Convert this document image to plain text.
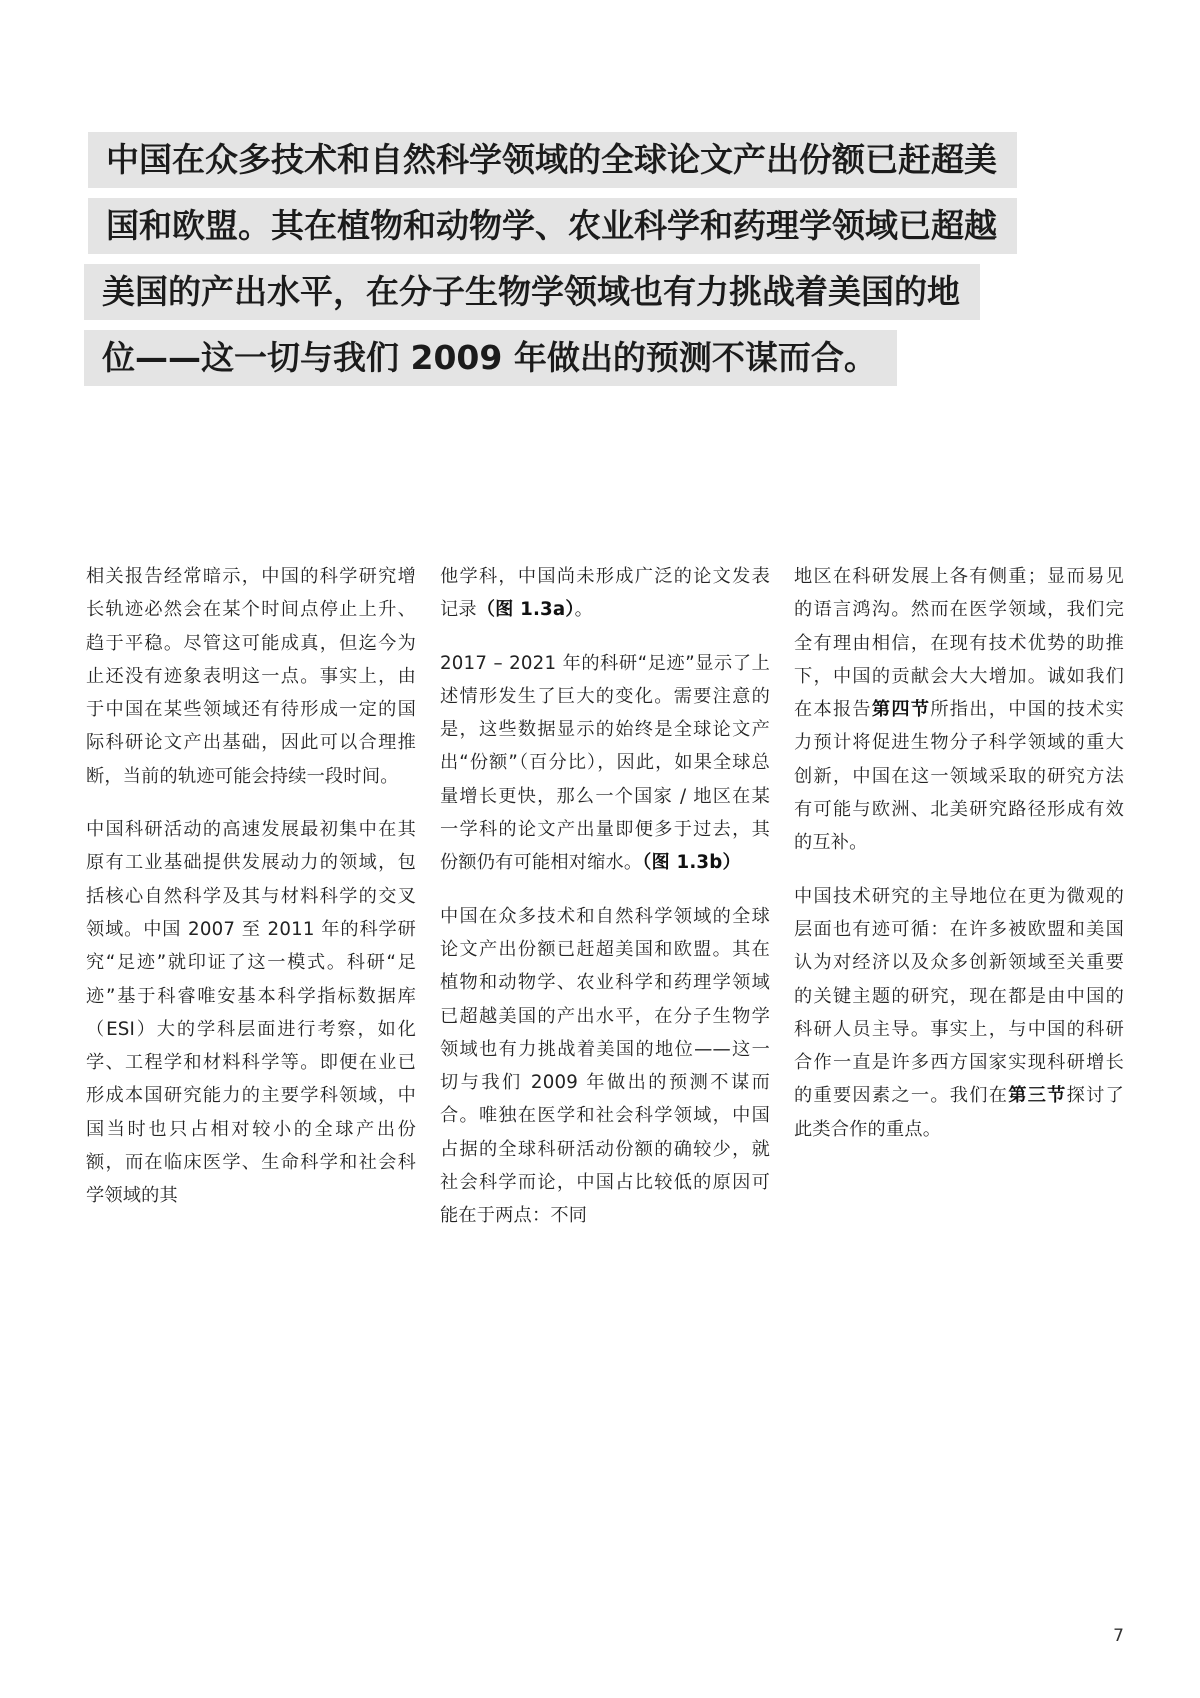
中国在众多技术和自然科学领域的全球论文产出份额已赶超美
国和欧盟。其在植物和动物学、农业科学和药理学领域已超越
美国的产出水平，在分子生物学领域也有力挑战着美国的地
位——这一切与我们 2009 年做出的预测不谋而合。

相关报告经常暗示，中国的科学研究增长轨迹必然会在某个时间点停止上升、趋于平稳。尽管这可能成真，但迄今为止还没有迹象表明这一点。事实上，由于中国在某些领域还有待形成一定的国际科研论文产出基础，因此可以合理推断，当前的轨迹可能会持续一段时间。

中国科研活动的高速发展最初集中在其原有工业基础提供发展动力的领域，包括核心自然科学及其与材料科学的交叉领域。中国 2007 至 2011 年的科学研究“足迹”就印证了这一模式。科研“足迹”基于科睿唯安基本科学指标数据库（ESI）大的学科层面进行考察，如化学、工程学和材料科学等。即便在业已形成本国研究能力的主要学科领域，中国当时也只占相对较小的全球产出份额，而在临床医学、生命科学和社会科学领域的其

他学科，中国尚未形成广泛的论文发表记录（图 1.3a）。

2017 – 2021 年的科研“足迹”显示了上述情形发生了巨大的变化。需要注意的是，这些数据显示的始终是全球论文产出“份额”（百分比），因此，如果全球总量增长更快，那么一个国家 / 地区在某一学科的论文产出量即便多于过去，其份额仍有可能相对缩水。（图 1.3b）

中国在众多技术和自然科学领域的全球论文产出份额已赶超美国和欧盟。其在植物和动物学、农业科学和药理学领域已超越美国的产出水平，在分子生物学领域也有力挑战着美国的地位——这一切与我们 2009 年做出的预测不谋而合。唯独在医学和社会科学领域，中国占据的全球科研活动份额的确较少，就社会科学而论，中国占比较低的原因可能在于两点：不同

地区在科研发展上各有侧重；显而易见的语言鸿沟。然而在医学领域，我们完全有理由相信，在现有技术优势的助推下，中国的贡献会大大增加。诚如我们在本报告第四节所指出，中国的技术实力预计将促进生物分子科学领域的重大创新，中国在这一领域采取的研究方法有可能与欧洲、北美研究路径形成有效的互补。

中国技术研究的主导地位在更为微观的层面也有迹可循：在许多被欧盟和美国认为对经济以及众多创新领域至关重要的关键主题的研究，现在都是由中国的科研人员主导。事实上，与中国的科研合作一直是许多西方国家实现科研增长的重要因素之一。我们在第三节探讨了此类合作的重点。

7
